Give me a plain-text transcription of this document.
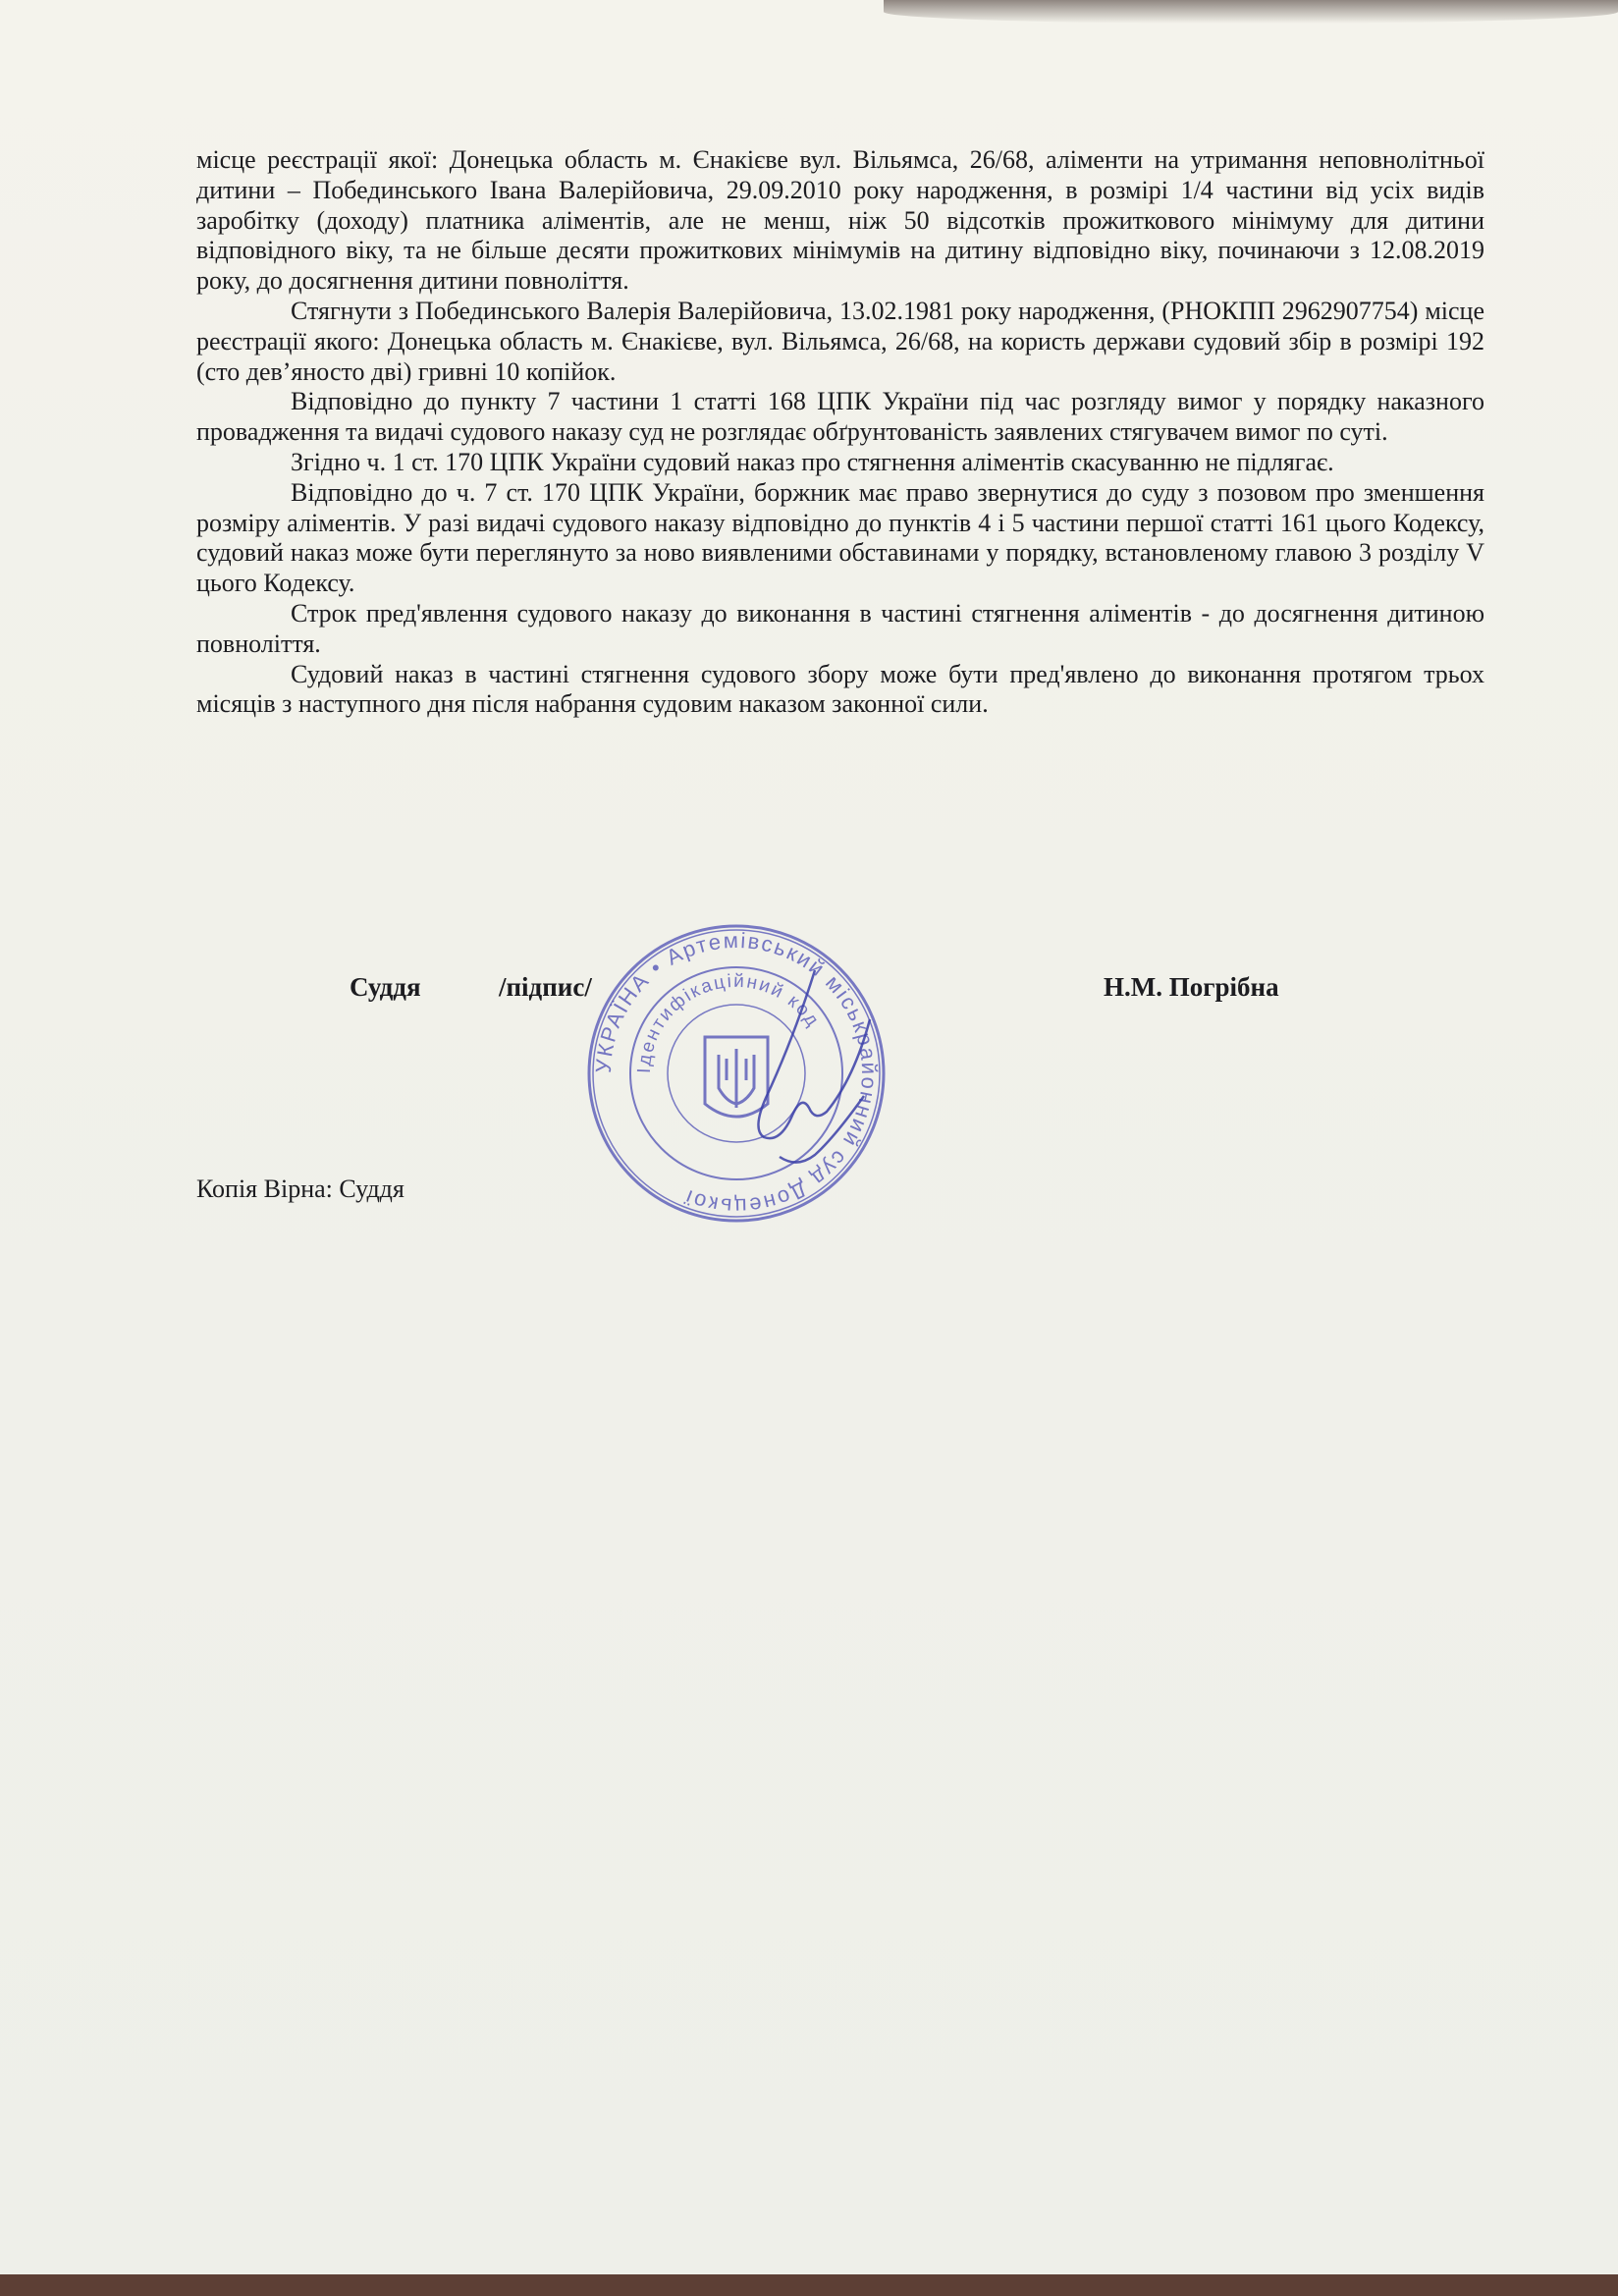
місце реєстрації якої: Донецька область м. Єнакієве вул. Вільямса, 26/68, аліменти на утримання неповнолітньої дитини – Побединського Івана Валерійовича, 29.09.2010 року народження, в розмірі 1/4 частини від усіх видів заробітку (доходу) платника аліментів, але не менш, ніж 50 відсотків прожиткового мінімуму для дитини відповідного віку, та не більше десяти прожиткових мінімумів на дитину відповідно віку, починаючи з 12.08.2019 року, до досягнення дитини повноліття.

Стягнути з Побединського Валерія Валерійовича, 13.02.1981 року народження, (РНОКПП 2962907754) місце реєстрації якого: Донецька область м. Єнакієве, вул. Вільямса, 26/68, на користь держави судовий збір в розмірі 192 (сто дев’яносто дві) гривні 10 копійок.

Відповідно до пункту 7 частини 1 статті 168 ЦПК України під час розгляду вимог у порядку наказного провадження та видачі судового наказу суд не розглядає обґрунтованість заявлених стягувачем вимог по суті.

Згідно ч. 1 ст. 170 ЦПК України судовий наказ про стягнення аліментів скасуванню не підлягає.

Відповідно до ч. 7 ст. 170 ЦПК України, боржник має право звернутися до суду з позовом про зменшення розміру аліментів. У разі видачі судового наказу відповідно до пунктів 4 і 5 частини першої статті 161 цього Кодексу, судовий наказ може бути переглянуто за ново виявленими обставинами у порядку, встановленому главою 3 розділу V цього Кодексу.

Строк пред'явлення судового наказу до виконання в частині стягнення аліментів - до досягнення дитиною повноліття.

Судовий наказ в частині стягнення судового збору може бути пред'явлено до виконання протягом трьох місяців з наступного дня після набрання судовим наказом законної сили.

Суддя	/підпис/	Н.М. Погрібна
УКРАЇНА • Артемівський міськрайонний суд Донецької
Ідентифікаційний код
Копія Вірна: Суддя
